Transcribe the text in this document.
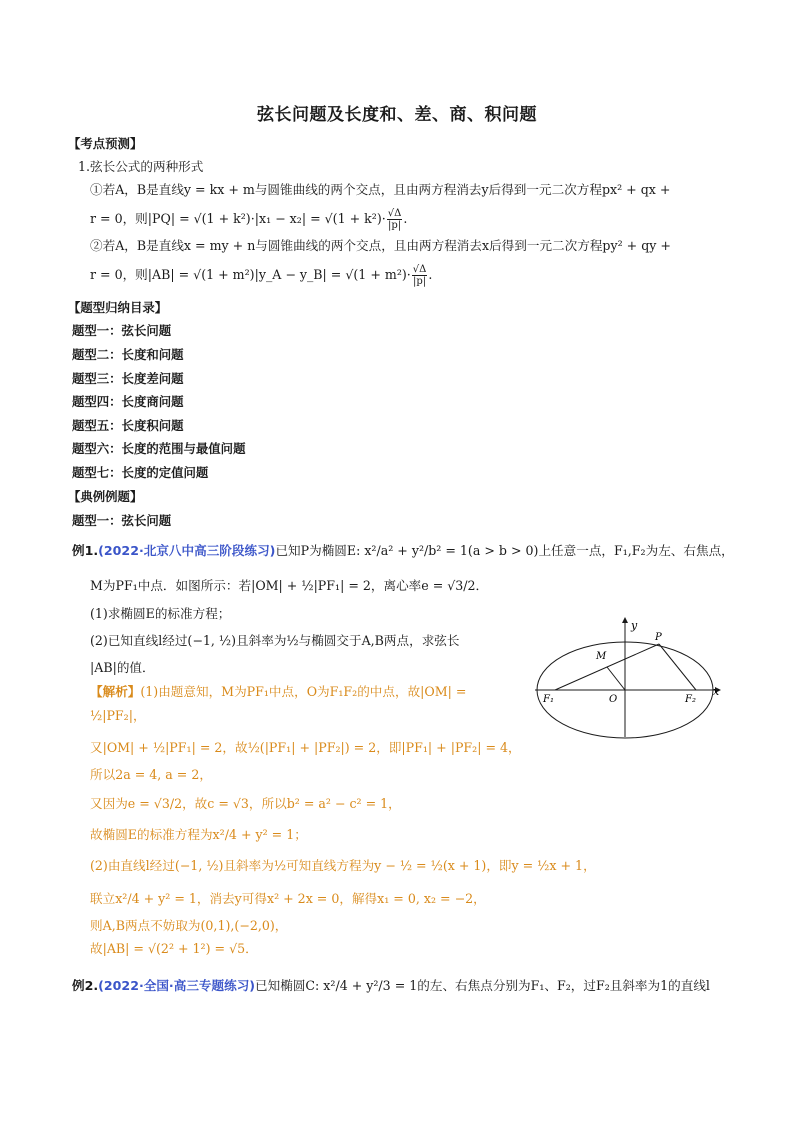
弦长问题及长度和、差、商、积问题
【考点预测】
1.弦长公式的两种形式
①若A，B是直线y = kx + m与圆锥曲线的两个交点，且由两方程消去y后得到一元二次方程px² + qx +
r = 0，则$|PQ| = √(1 + k^2)\cdot|x_1 - x_2| = √(1 + k^2)\cdot \frac{√\Delta}{|p|}$ .
②若A，B是直线x = my + n与圆锥曲线的两个交点，且由两方程消去x后得到一元二次方程py² + qy +
r = 0，则|AB| = √(1 + m²)|y_A − y_B| = $√(1 + m^2)\cdot \frac{√\Delta}{|p|}$ .
【题型归纳目录】
题型一：弦长问题
题型二：长度和问题
题型三：长度差问题
题型四：长度商问题
题型五：长度积问题
题型六：长度的范围与最值问题
题型七：长度的定值问题
【典例例题】
题型一：弦长问题
例1.(2022·北京八中高三阶段练习)已知P为椭圆E: x²/a² + y²/b² = 1(a > b > 0)上任意一点，F₁,F₂为左、右焦点，
M为PF₁中点．如图所示：若|OM| + ½|PF₁| = 2，离心率e = √3/2．
(1)求椭圆E的标准方程；
(2)已知直线l经过(−1, ½)且斜率为½与椭圆交于A,B两点，求弦长
|AB|的值．
【解析】(1)由题意知，M为PF₁中点，O为F₁F₂的中点，故|OM| =
½|PF₂|，
又|OM| + ½|PF₁| = 2，故½(|PF₁| + |PF₂|) = 2，即|PF₁| + |PF₂| = 4，
所以2a = 4, a = 2，
又因为e = √3/2，故c = √3，所以b² = a² − c² = 1，
故椭圆E的标准方程为x²/4 + y² = 1；
(2)由直线l经过(−1, ½)且斜率为½可知直线方程为y − ½ = ½(x + 1)，即y = ½x + 1，
联立x²/4 + y² = 1，消去y可得x² + 2x = 0，解得x₁ = 0, x₂ = −2，
则A,B两点不妨取为(0,1),(−2,0)，
故|AB| = √(2² + 1²) = √5．
例2.(2022·全国·高三专题练习)已知椭圆C: x²/4 + y²/3 = 1的左、右焦点分别为F₁、F₂，过F₂且斜率为1的直线l
y
x
P
M
O
F₁	F₂
